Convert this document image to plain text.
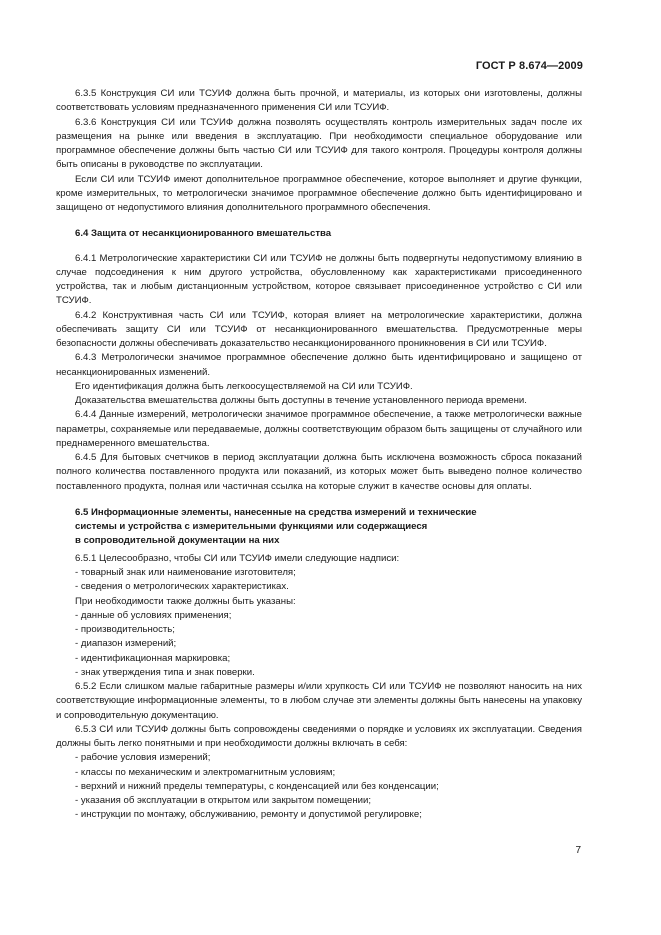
ГОСТ Р 8.674—2009

6.3.5 Конструкция СИ или ТСУИФ должна быть прочной, и материалы, из которых они изготовлены, должны соответствовать условиям предназначенного применения СИ или ТСУИФ.

6.3.6 Конструкция СИ или ТСУИФ должна позволять осуществлять контроль измерительных задач после их размещения на рынке или введения в эксплуатацию. При необходимости специальное оборудование или программное обеспечение должны быть частью СИ или ТСУИФ для такого контроля. Процедуры контроля должны быть описаны в руководстве по эксплуатации.

Если СИ или ТСУИФ имеют дополнительное программное обеспечение, которое выполняет и другие функции, кроме измерительных, то метрологически значимое программное обеспечение должно быть идентифицировано и защищено от недопустимого влияния дополнительного программного обеспечения.

6.4 Защита от несанкционированного вмешательства

6.4.1 Метрологические характеристики СИ или ТСУИФ не должны быть подвергнуты недопустимому влиянию в случае подсоединения к ним другого устройства, обусловленному как характеристиками присоединенного устройства, так и любым дистанционным устройством, которое связывает присоединенное устройство с СИ или ТСУИФ.

6.4.2 Конструктивная часть СИ или ТСУИФ, которая влияет на метрологические характеристики, должна обеспечивать защиту СИ или ТСУИФ от несанкционированного вмешательства. Предусмотренные меры безопасности должны обеспечивать доказательство несанкционированного проникновения в СИ или ТСУИФ.

6.4.3 Метрологически значимое программное обеспечение должно быть идентифицировано и защищено от несанкционированных изменений.

Его идентификация должна быть легкоосуществляемой на СИ или ТСУИФ.

Доказательства вмешательства должны быть доступны в течение установленного периода времени.

6.4.4 Данные измерений, метрологически значимое программное обеспечение, а также метрологически важные параметры, сохраняемые или передаваемые, должны соответствующим образом быть защищены от случайного или преднамеренного вмешательства.

6.4.5 Для бытовых счетчиков в период эксплуатации должна быть исключена возможность сброса показаний полного количества поставленного продукта или показаний, из которых может быть выведено полное количество поставленного продукта, полная или частичная ссылка на которые служит в качестве основы для оплаты.

6.5 Информационные элементы, нанесенные на средства измерений и технические
системы и устройства с измерительными функциями или содержащиеся
в сопроводительной документации на них

6.5.1 Целесообразно, чтобы СИ или ТСУИФ имели следующие надписи:

- товарный знак или наименование изготовителя;
- сведения о метрологических характеристиках.

При необходимости также должны быть указаны:

- данные об условиях применения;
- производительность;
- диапазон измерений;
- идентификационная маркировка;
- знак утверждения типа и знак поверки.

6.5.2 Если слишком малые габаритные размеры и/или хрупкость СИ или ТСУИФ не позволяют наносить на них соответствующие информационные элементы, то в любом случае эти элементы должны быть нанесены на упаковку и сопроводительную документацию.

6.5.3 СИ или ТСУИФ должны быть сопровождены сведениями о порядке и условиях их эксплуатации. Сведения должны быть легко понятными и при необходимости должны включать в себя:

- рабочие условия измерений;
- классы по механическим и электромагнитным условиям;
- верхний и нижний пределы температуры, с конденсацией или без конденсации;
- указания об эксплуатации в открытом или закрытом помещении;
- инструкции по монтажу, обслуживанию, ремонту и допустимой регулировке;
7
